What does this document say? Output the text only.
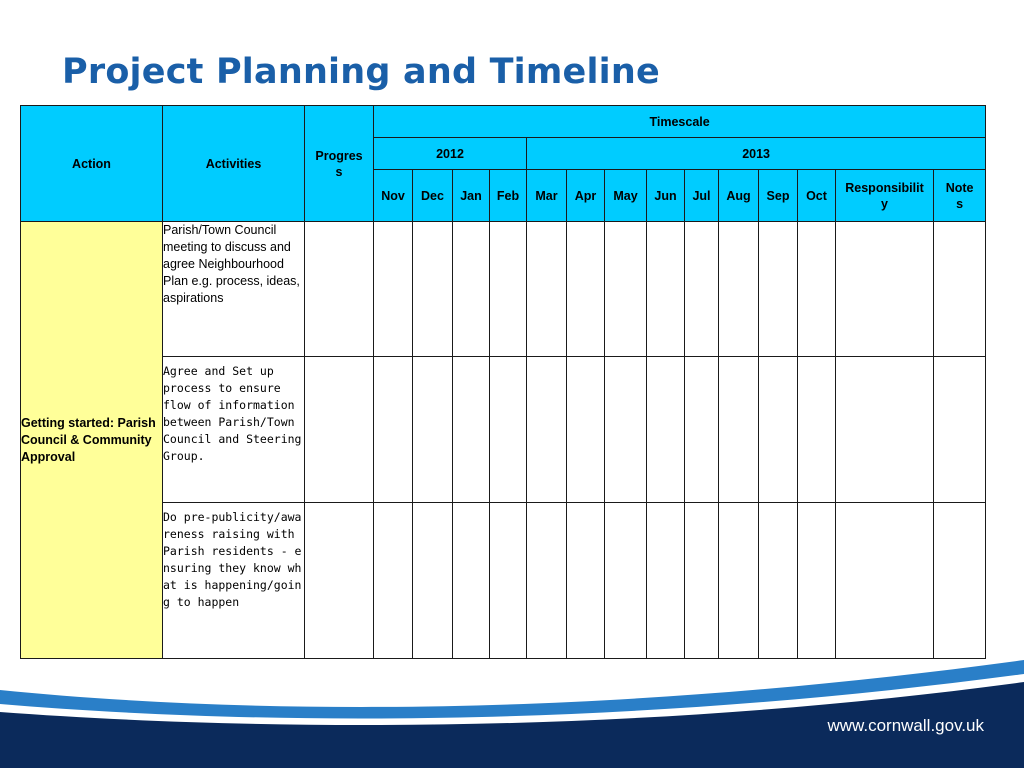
Project Planning and Timeline
Action	Activities	Progress	Timescale													
			2012				2013									
			Nov	Dec	Jan	Feb	Mar	Apr	May	Jun	Jul	Aug	Sep	Oct	Responsibility	Notes
Getting started: Parish Council & Community Approval	Parish/Town Council meeting to discuss and agree Neighbourhood Plan e.g. process, ideas, aspirations															
	Agree and Set up process to ensure flow of information between Parish/Town Council and Steering Group.															
	Do pre-publicity/awareness raising with Parish residents - ensuring they know what is happening/going to happen															
www.cornwall.gov.uk
